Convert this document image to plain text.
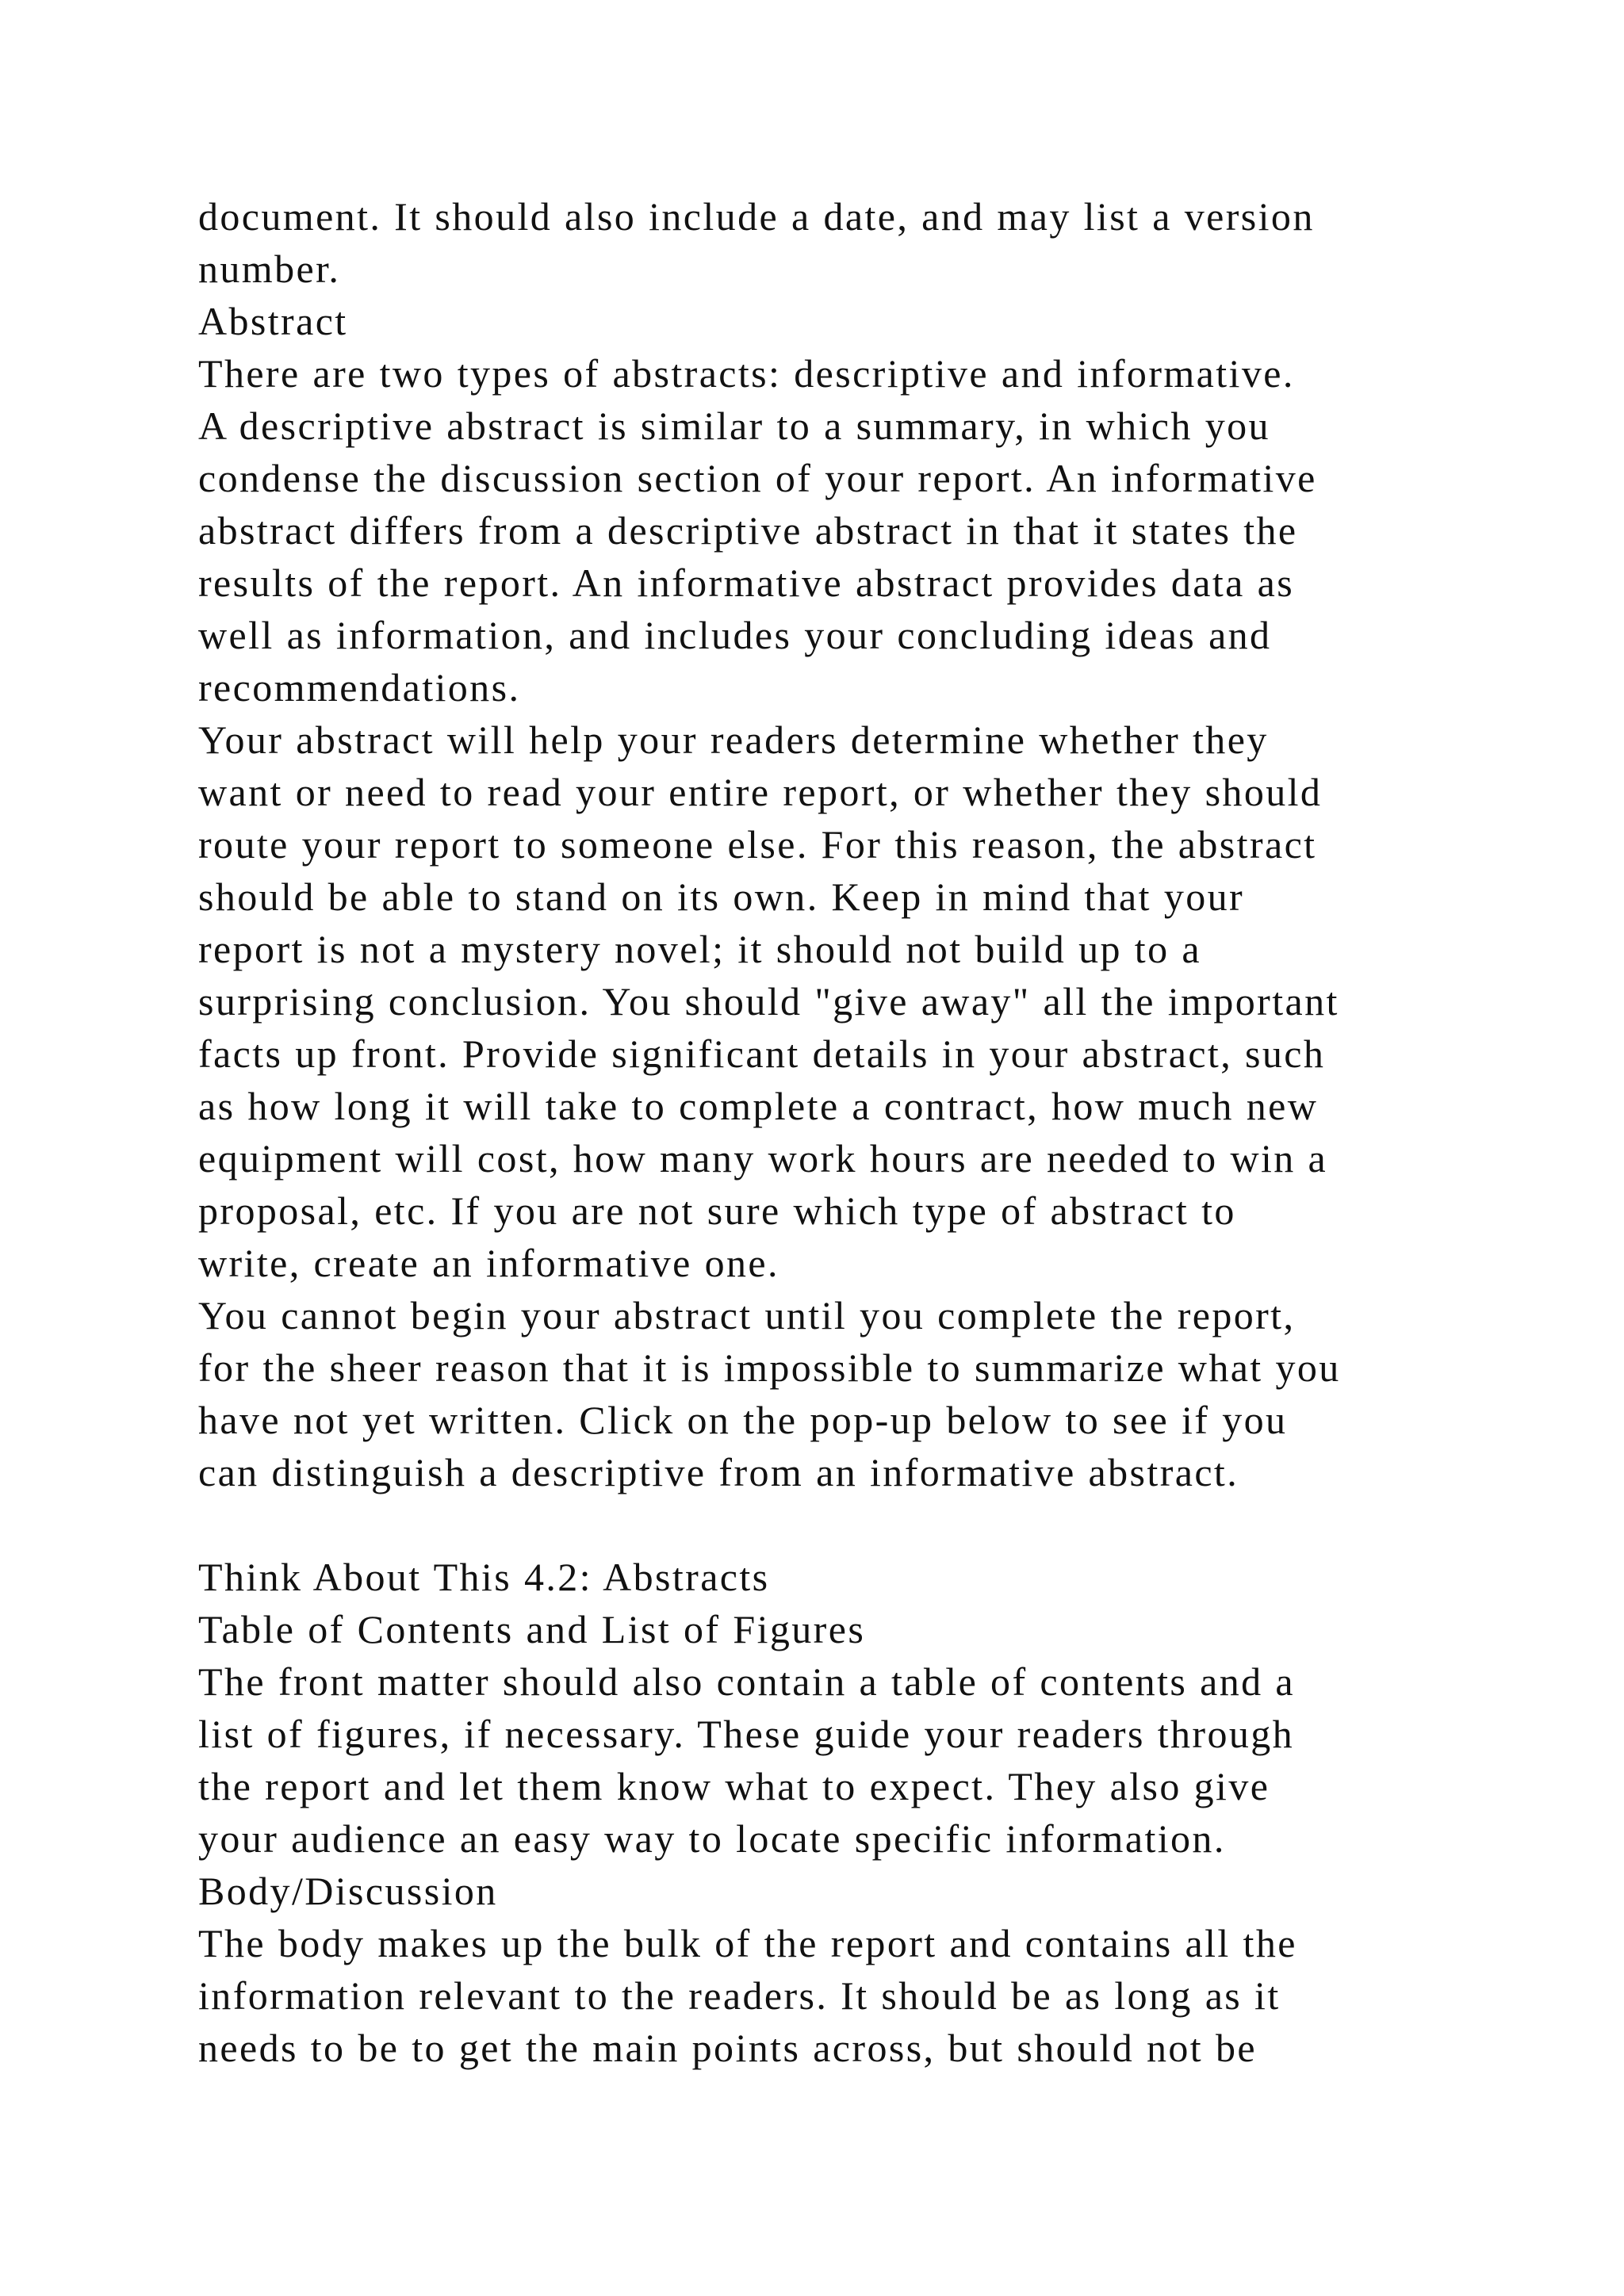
document. It should also include a date, and may list a version
number.
Abstract
There are two types of abstracts: descriptive and informative.
A descriptive abstract is similar to a summary, in which you
condense the discussion section of your report. An informative
abstract differs from a descriptive abstract in that it states the
results of the report. An informative abstract provides data as
well as information, and includes your concluding ideas and
recommendations.
Your abstract will help your readers determine whether they
want or need to read your entire report, or whether they should
route your report to someone else. For this reason, the abstract
should be able to stand on its own. Keep in mind that your
report is not a mystery novel; it should not build up to a
surprising conclusion. You should "give away" all the important
facts up front. Provide significant details in your abstract, such
as how long it will take to complete a contract, how much new
equipment will cost, how many work hours are needed to win a
proposal, etc. If you are not sure which type of abstract to
write, create an informative one.
You cannot begin your abstract until you complete the report,
for the sheer reason that it is impossible to summarize what you
have not yet written. Click on the pop-up below to see if you
can distinguish a descriptive from an informative abstract.
Think About This 4.2: Abstracts
Table of Contents and List of Figures
The front matter should also contain a table of contents and a
list of figures, if necessary. These guide your readers through
the report and let them know what to expect. They also give
your audience an easy way to locate specific information.
Body/Discussion
The body makes up the bulk of the report and contains all the
information relevant to the readers. It should be as long as it
needs to be to get the main points across, but should not be
